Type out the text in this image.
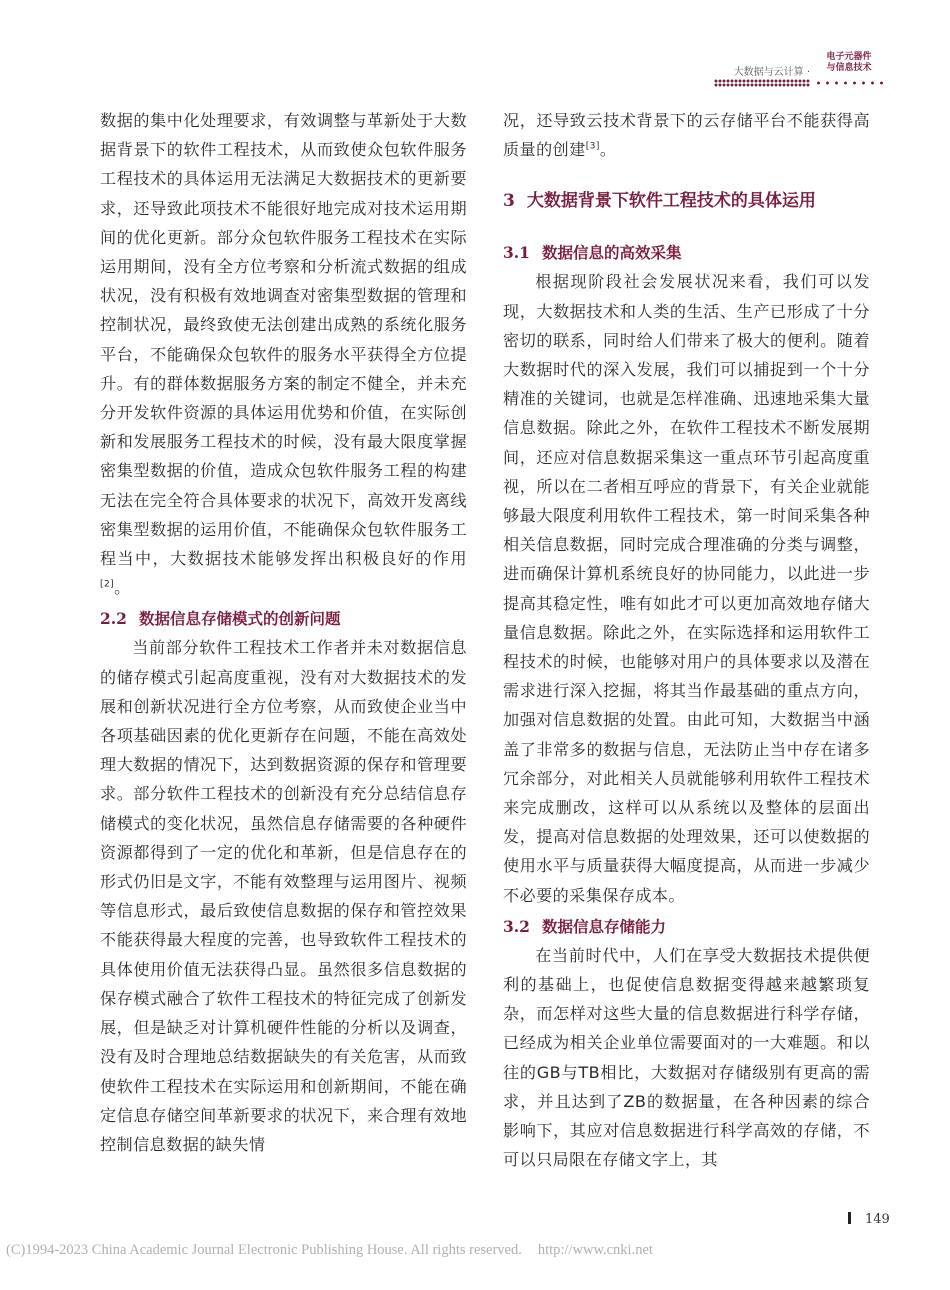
大数据与云计算 ·
电子元器件
与信息技术

数据的集中化处理要求，有效调整与革新处于大数据背景下的软件工程技术，从而致使众包软件服务工程技术的具体运用无法满足大数据技术的更新要求，还导致此项技术不能很好地完成对技术运用期间的优化更新。部分众包软件服务工程技术在实际运用期间，没有全方位考察和分析流式数据的组成状况，没有积极有效地调查对密集型数据的管理和控制状况，最终致使无法创建出成熟的系统化服务平台，不能确保众包软件的服务水平获得全方位提升。有的群体数据服务方案的制定不健全，并未充分开发软件资源的具体运用优势和价值，在实际创新和发展服务工程技术的时候，没有最大限度掌握密集型数据的价值，造成众包软件服务工程的构建无法在完全符合具体要求的状况下，高效开发离线密集型数据的运用价值，不能确保众包软件服务工程当中，大数据技术能够发挥出积极良好的作用[2]。

2.2 数据信息存储模式的创新问题

当前部分软件工程技术工作者并未对数据信息的储存模式引起高度重视，没有对大数据技术的发展和创新状况进行全方位考察，从而致使企业当中各项基础因素的优化更新存在问题，不能在高效处理大数据的情况下，达到数据资源的保存和管理要求。部分软件工程技术的创新没有充分总结信息存储模式的变化状况，虽然信息存储需要的各种硬件资源都得到了一定的优化和革新，但是信息存在的形式仍旧是文字，不能有效整理与运用图片、视频等信息形式，最后致使信息数据的保存和管控效果不能获得最大程度的完善，也导致软件工程技术的具体使用价值无法获得凸显。虽然很多信息数据的保存模式融合了软件工程技术的特征完成了创新发展，但是缺乏对计算机硬件性能的分析以及调查，没有及时合理地总结数据缺失的有关危害，从而致使软件工程技术在实际运用和创新期间，不能在确定信息存储空间革新要求的状况下，来合理有效地控制信息数据的缺失情

况，还导致云技术背景下的云存储平台不能获得高质量的创建[3]。

3 大数据背景下软件工程技术的具体运用
3.1 数据信息的高效采集

根据现阶段社会发展状况来看，我们可以发现，大数据技术和人类的生活、生产已形成了十分密切的联系，同时给人们带来了极大的便利。随着大数据时代的深入发展，我们可以捕捉到一个十分精准的关键词，也就是怎样准确、迅速地采集大量信息数据。除此之外，在软件工程技术不断发展期间，还应对信息数据采集这一重点环节引起高度重视，所以在二者相互呼应的背景下，有关企业就能够最大限度利用软件工程技术，第一时间采集各种相关信息数据，同时完成合理准确的分类与调整，进而确保计算机系统良好的协同能力，以此进一步提高其稳定性，唯有如此才可以更加高效地存储大量信息数据。除此之外，在实际选择和运用软件工程技术的时候，也能够对用户的具体要求以及潜在需求进行深入挖掘，将其当作最基础的重点方向，加强对信息数据的处置。由此可知，大数据当中涵盖了非常多的数据与信息，无法防止当中存在诸多冗余部分，对此相关人员就能够利用软件工程技术来完成删改，这样可以从系统以及整体的层面出发，提高对信息数据的处理效果，还可以使数据的使用水平与质量获得大幅度提高，从而进一步减少不必要的采集保存成本。

3.2 数据信息存储能力

在当前时代中，人们在享受大数据技术提供便利的基础上，也促使信息数据变得越来越繁琐复杂，而怎样对这些大量的信息数据进行科学存储，已经成为相关企业单位需要面对的一大难题。和以往的GB与TB相比，大数据对存储级别有更高的需求，并且达到了ZB的数据量，在各种因素的综合影响下，其应对信息数据进行科学高效的存储，不可以只局限在存储文字上，其

149
(C)1994-2023 China Academic Journal Electronic Publishing House. All rights reserved. http://www.cnki.net
